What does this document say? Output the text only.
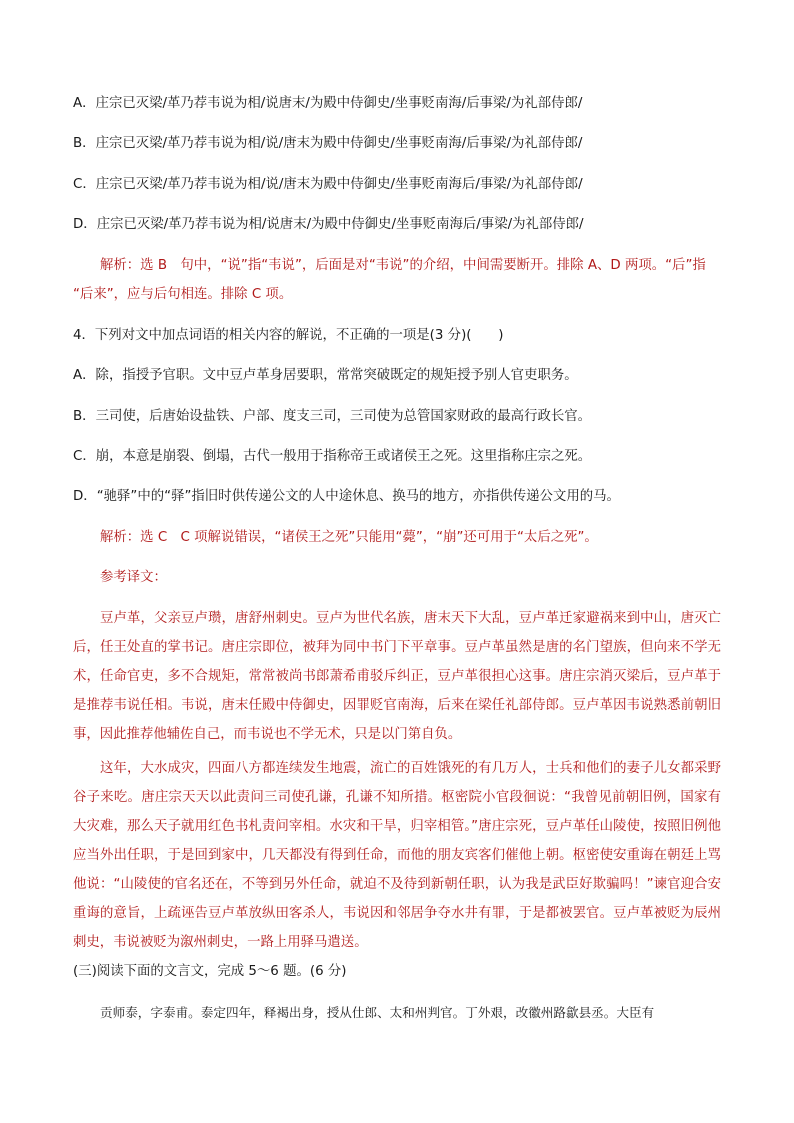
A．庄宗已灭梁/革乃荐韦说为相/说唐末/为殿中侍御史/坐事贬南海/后事梁/为礼部侍郎/
B．庄宗已灭梁/革乃荐韦说为相/说/唐末为殿中侍御史/坐事贬南海/后事梁/为礼部侍郎/
C．庄宗已灭梁/革乃荐韦说为相/说/唐末为殿中侍御史/坐事贬南海后/事梁/为礼部侍郎/
D．庄宗已灭梁/革乃荐韦说为相/说唐末/为殿中侍御史/坐事贬南海后/事梁/为礼部侍郎/
解析：选 B　句中，“说”指“韦说”，后面是对“韦说”的介绍，中间需要断开。排除 A、D 两项。“后”指
“后来”，应与后句相连。排除 C 项。
4．下列对文中加点词语的相关内容的解说，不正确的一项是(3 分)(　　)
A．除，指授予官职。文中豆卢革身居要职，常常突破既定的规矩授予别人官吏职务。
B．三司使，后唐始设盐铁、户部、度支三司，三司使为总管国家财政的最高行政长官。
C．崩，本意是崩裂、倒塌，古代一般用于指称帝王或诸侯王之死。这里指称庄宗之死。
D．“驰驿”中的“驿”指旧时供传递公文的人中途休息、换马的地方，亦指供传递公文用的马。
解析：选 C　C 项解说错误，“诸侯王之死”只能用“薨”，“崩”还可用于“太后之死”。
参考译文：

豆卢革，父亲豆卢瓒，唐舒州刺史。豆卢为世代名族，唐末天下大乱，豆卢革迁家避祸来到中山，唐灭亡后，任王处直的掌书记。唐庄宗即位，被拜为同中书门下平章事。豆卢革虽然是唐的名门望族，但向来不学无术，任命官吏，多不合规矩，常常被尚书郎萧希甫驳斥纠正，豆卢革很担心这事。唐庄宗消灭梁后，豆卢革于是推荐韦说任相。韦说，唐末任殿中侍御史，因罪贬官南海，后来在梁任礼部侍郎。豆卢革因韦说熟悉前朝旧事，因此推荐他辅佐自己，而韦说也不学无术，只是以门第自负。

这年，大水成灾，四面八方都连续发生地震，流亡的百姓饿死的有几万人，士兵和他们的妻子儿女都采野谷子来吃。唐庄宗天天以此责问三司使孔谦，孔谦不知所措。枢密院小官段徊说：“我曾见前朝旧例，国家有大灾难，那么天子就用红色书札责问宰相。水灾和干旱，归宰相管。”唐庄宗死，豆卢革任山陵使，按照旧例他应当外出任职，于是回到家中，几天都没有得到任命，而他的朋友宾客们催他上朝。枢密使安重诲在朝廷上骂他说：“山陵使的官名还在，不等到另外任命，就迫不及待到新朝任职，认为我是武臣好欺骗吗！”谏官迎合安重诲的意旨，上疏诬告豆卢革放纵田客杀人，韦说因和邻居争夺水井有罪，于是都被罢官。豆卢革被贬为辰州刺史，韦说被贬为溆州刺史，一路上用驿马遣送。

(三)阅读下面的文言文，完成 5～6 题。(6 分)
贡师泰，字泰甫。泰定四年，释褐出身，授从仕郎、太和州判官。丁外艰，改徽州路歙县丞。大臣有
